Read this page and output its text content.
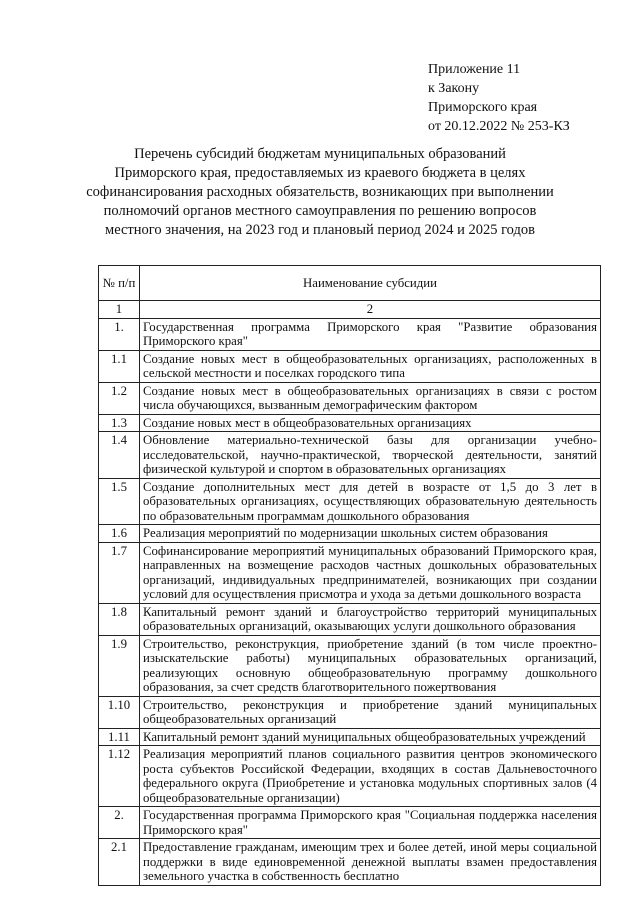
Приложение 11
к Закону
Приморского края
от 20.12.2022 № 253-КЗ
Перечень субсидий бюджетам муниципальных образований
Приморского края, предоставляемых из краевого бюджета в целях
софинансирования расходных обязательств, возникающих при выполнении
полномочий органов местного самоуправления по решению вопросов
местного значения, на 2023 год и плановый период 2024 и 2025 годов
№ п/п	Наименование субсидии
1	2
1.	Государственная программа Приморского края "Развитие образования Приморского края"
1.1	Создание новых мест в общеобразовательных организациях, расположенных в сельской местности и поселках городского типа
1.2	Создание новых мест в общеобразовательных организациях в связи с ростом числа обучающихся, вызванным демографическим фактором
1.3	Создание новых мест в общеобразовательных организациях
1.4	Обновление материально-технической базы для организации учебно-исследовательской, научно-практической, творческой деятельности, занятий физической культурой и спортом в образовательных организациях
1.5	Создание дополнительных мест для детей в возрасте от 1,5 до 3 лет в образовательных организациях, осуществляющих образовательную деятельность по образовательным программам дошкольного образования
1.6	Реализация мероприятий по модернизации школьных систем образования
1.7	Софинансирование мероприятий муниципальных образований Приморского края, направленных на возмещение расходов частных дошкольных образовательных организаций, индивидуальных предпринимателей, возникающих при создании условий для осуществления присмотра и ухода за детьми дошкольного возраста
1.8	Капитальный ремонт зданий и благоустройство территорий муниципальных образовательных организаций, оказывающих услуги дошкольного образования
1.9	Строительство, реконструкция, приобретение зданий (в том числе проектно-изыскательские работы) муниципальных образовательных организаций, реализующих основную общеобразовательную программу дошкольного образования, за счет средств благотворительного пожертвования
1.10	Строительство, реконструкция и приобретение зданий муниципальных общеобразовательных организаций
1.11	Капитальный ремонт зданий муниципальных общеобразовательных учреждений
1.12	Реализация мероприятий планов социального развития центров экономического роста субъектов Российской Федерации, входящих в состав Дальневосточного федерального округа (Приобретение и установка модульных спортивных залов (4 общеобразовательные организации)
2.	Государственная программа Приморского края "Социальная поддержка населения Приморского края"
2.1	Предоставление гражданам, имеющим трех и более детей, иной меры социальной поддержки в виде единовременной денежной выплаты взамен предоставления земельного участка в собственность бесплатно
